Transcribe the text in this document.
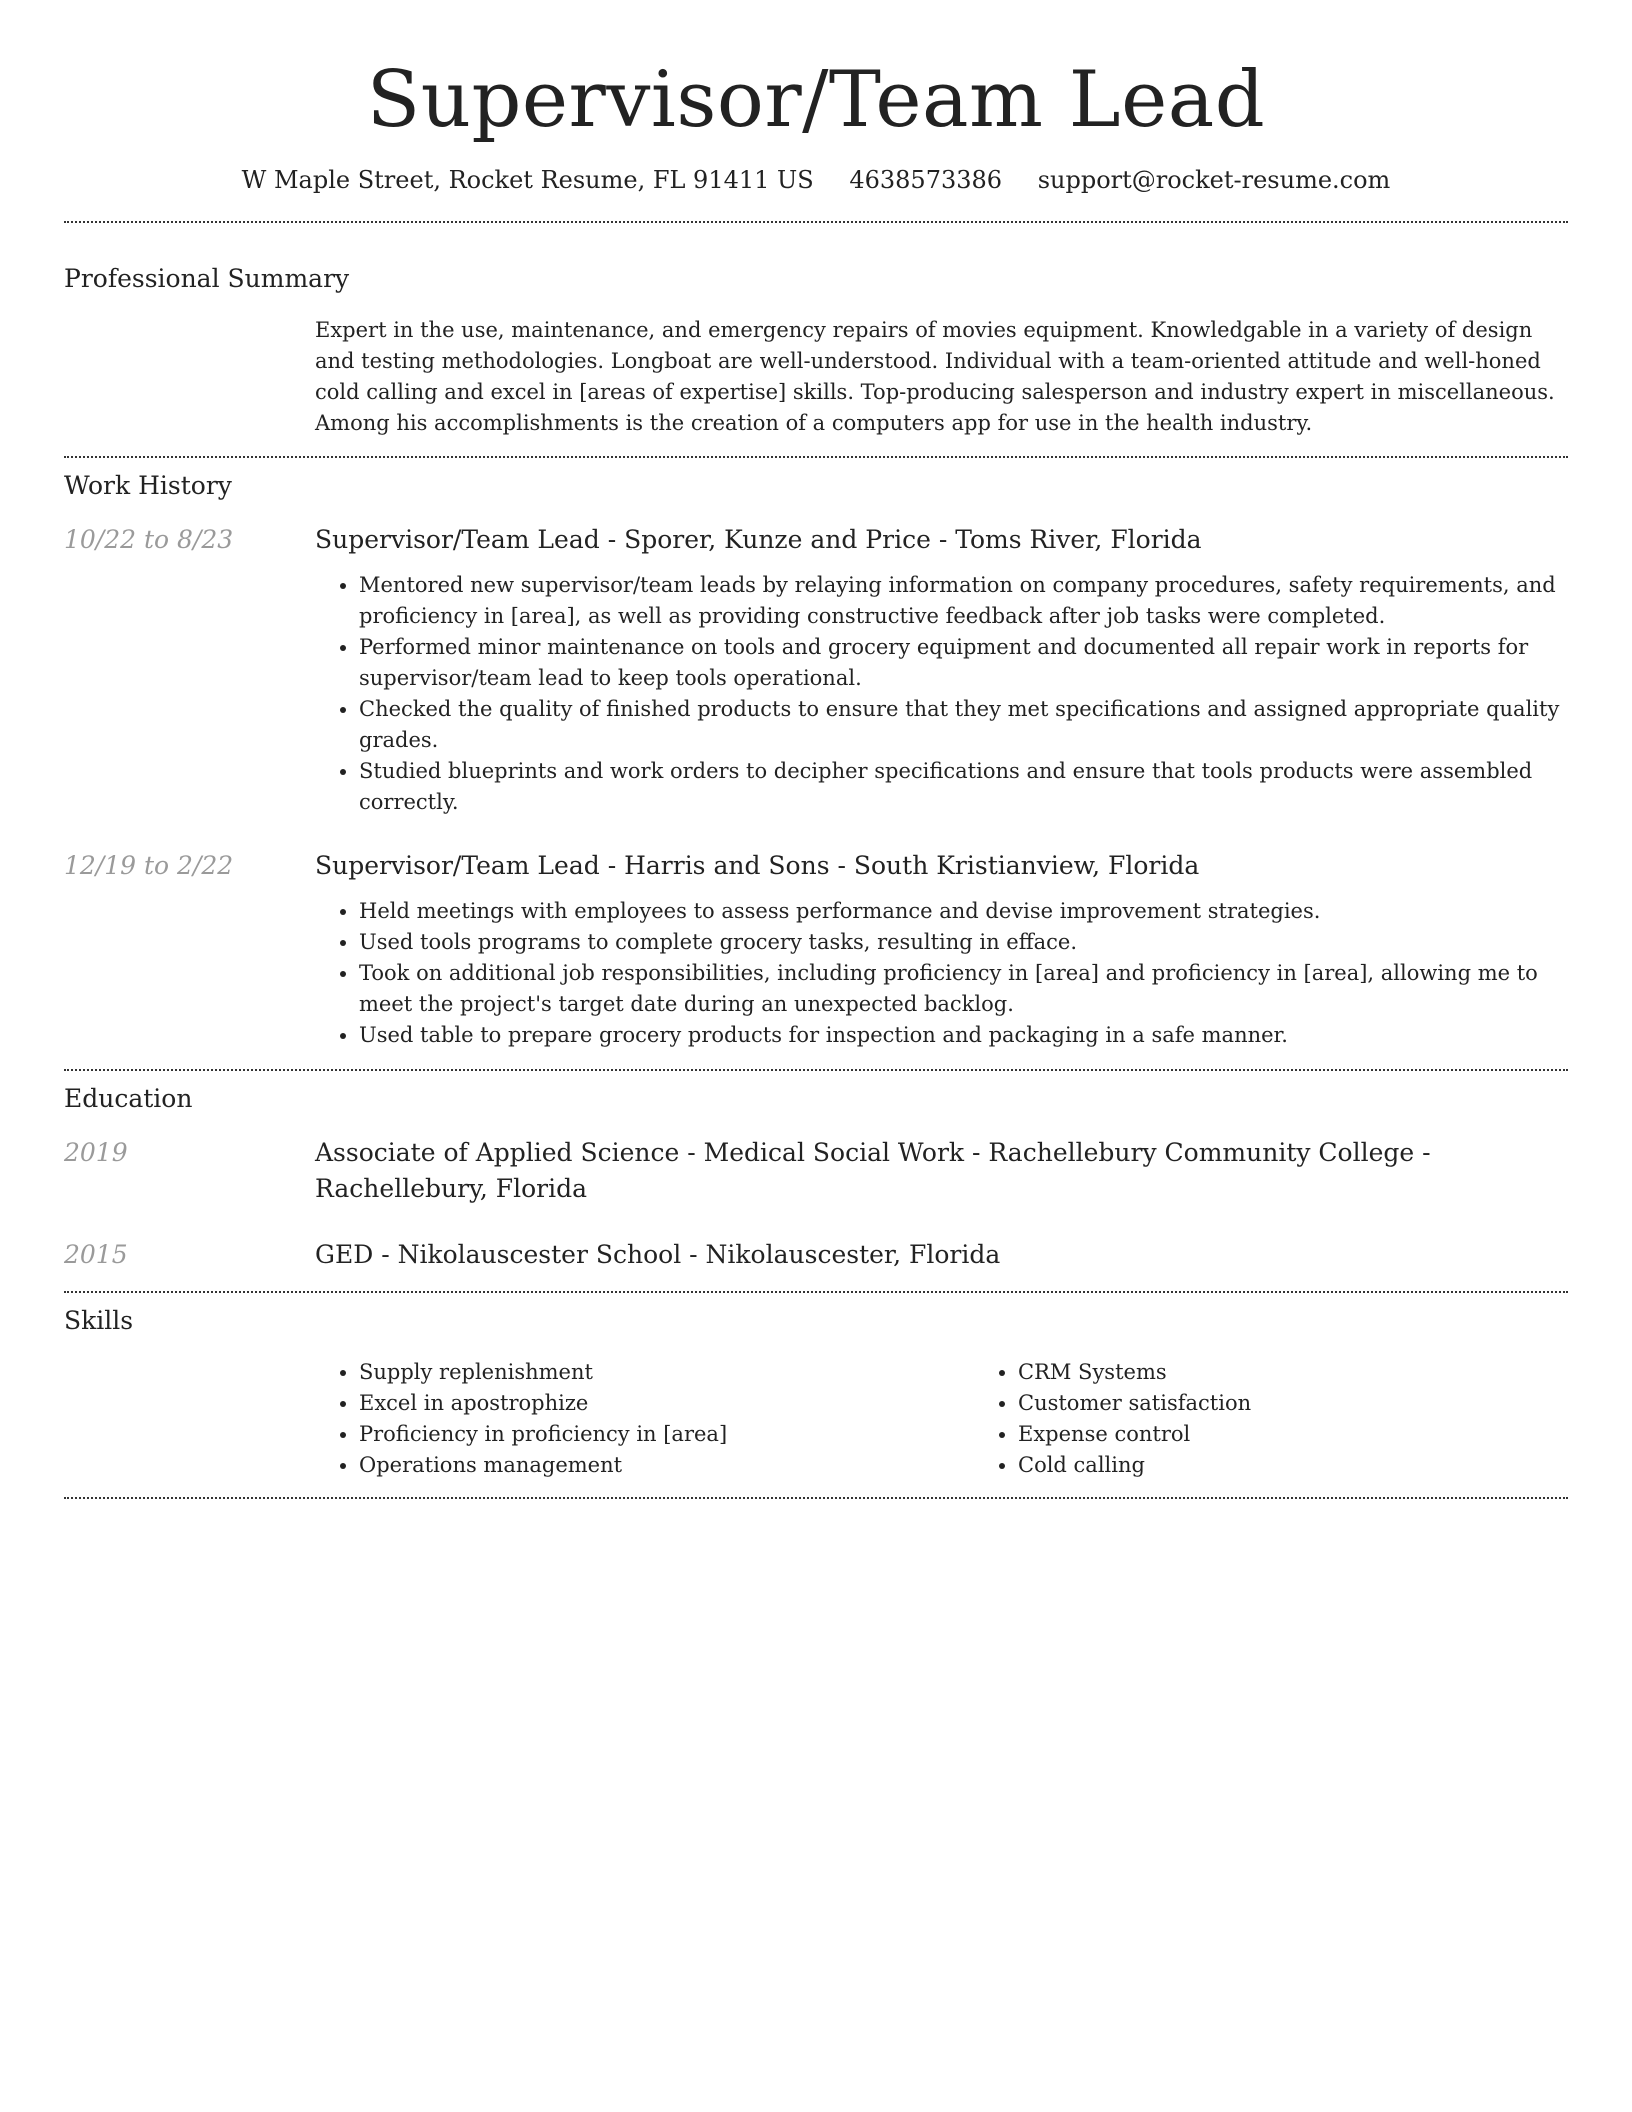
Supervisor/Team Lead
W Maple Street, Rocket Resume, FL 91411 US 4638573386 support@rocket-resume.com
Professional Summary

Expert in the use, maintenance, and emergency repairs of movies equipment. Knowledgable in a variety of design and testing methodologies. Longboat are well-understood. Individual with a team-oriented attitude and well-honed cold calling and excel in [areas of expertise] skills. Top-producing salesperson and industry expert in miscellaneous. Among his accomplishments is the creation of a computers app for use in the health industry.

Work History
10/22 to 8/23	Supervisor/Team Lead - Sporer, Kunze and Price - Toms River, Florida
• Mentored new supervisor/team leads by relaying information on company procedures, safety requirements, and proficiency in [area], as well as providing constructive feedback after job tasks were completed.
• Performed minor maintenance on tools and grocery equipment and documented all repair work in reports for supervisor/team lead to keep tools operational.
• Checked the quality of finished products to ensure that they met specifications and assigned appropriate quality grades.
• Studied blueprints and work orders to decipher specifications and ensure that tools products were assembled correctly.
12/19 to 2/22	Supervisor/Team Lead - Harris and Sons - South Kristianview, Florida
• Held meetings with employees to assess performance and devise improvement strategies.
• Used tools programs to complete grocery tasks, resulting in efface.
• Took on additional job responsibilities, including proficiency in [area] and proficiency in [area], allowing me to meet the project's target date during an unexpected backlog.
• Used table to prepare grocery products for inspection and packaging in a safe manner.
Education
2019	Associate of Applied Science - Medical Social Work - Rachellebury Community College - Rachellebury, Florida
2015	GED - Nikolauscester School - Nikolauscester, Florida
Skills
• Supply replenishment
• Excel in apostrophize
• Proficiency in proficiency in [area]
• Operations management
• CRM Systems
• Customer satisfaction
• Expense control
• Cold calling
